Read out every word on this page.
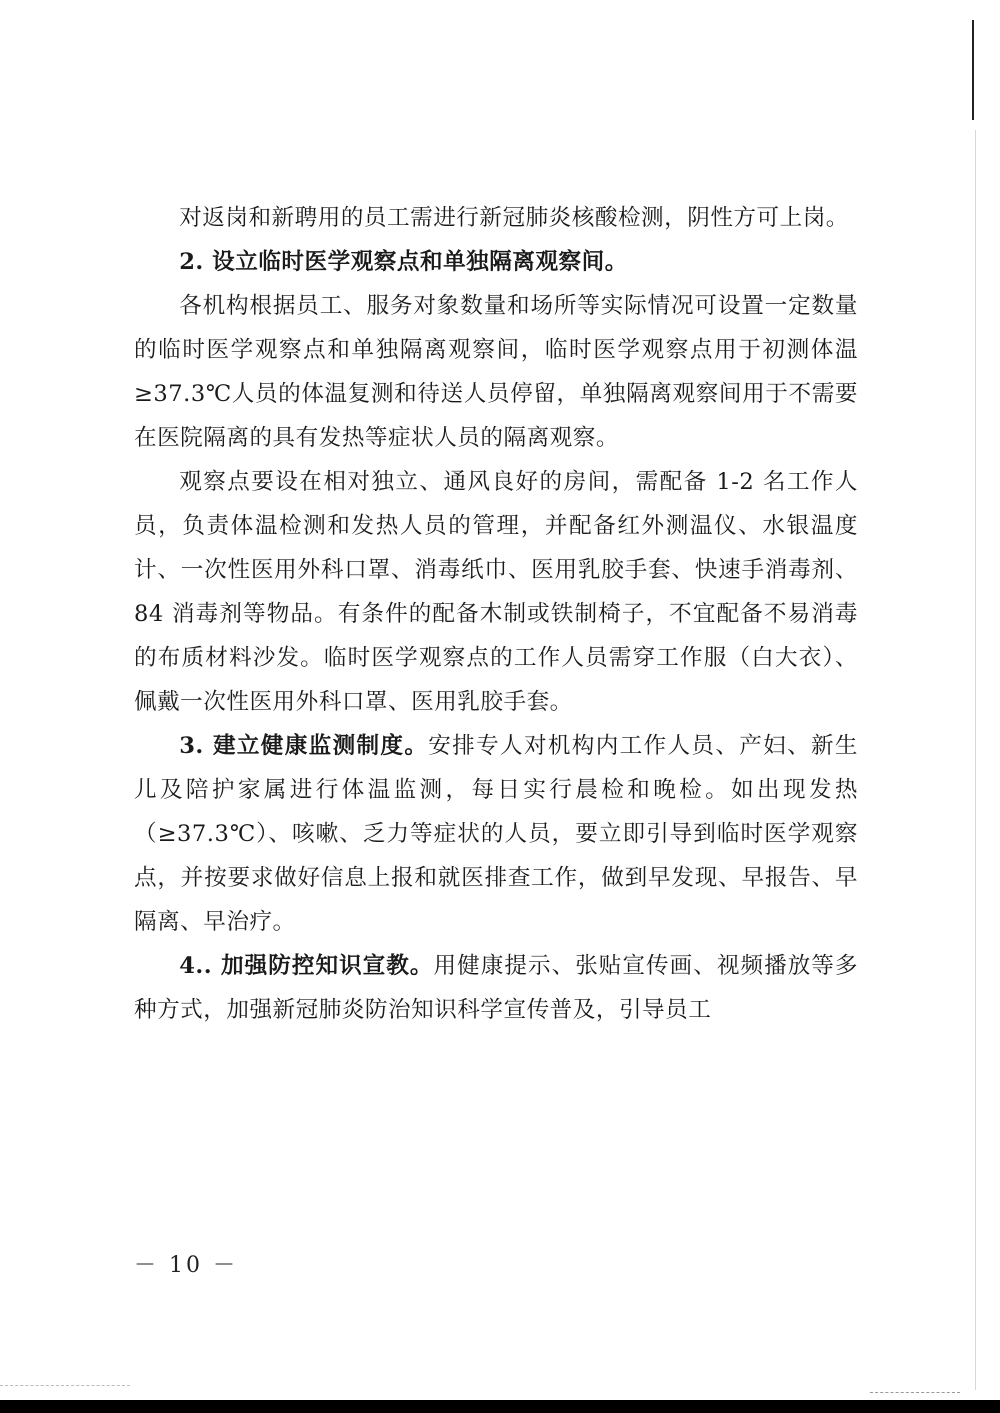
对返岗和新聘用的员工需进行新冠肺炎核酸检测，阴性方可上岗。

2. 设立临时医学观察点和单独隔离观察间。

各机构根据员工、服务对象数量和场所等实际情况可设置一定数量的临时医学观察点和单独隔离观察间，临时医学观察点用于初测体温≥37.3℃人员的体温复测和待送人员停留，单独隔离观察间用于不需要在医院隔离的具有发热等症状人员的隔离观察。

观察点要设在相对独立、通风良好的房间，需配备 1-2 名工作人员，负责体温检测和发热人员的管理，并配备红外测温仪、水银温度计、一次性医用外科口罩、消毒纸巾、医用乳胶手套、快速手消毒剂、84 消毒剂等物品。有条件的配备木制或铁制椅子，不宜配备不易消毒的布质材料沙发。临时医学观察点的工作人员需穿工作服（白大衣）、佩戴一次性医用外科口罩、医用乳胶手套。

3. 建立健康监测制度。安排专人对机构内工作人员、产妇、新生儿及陪护家属进行体温监测，每日实行晨检和晚检。如出现发热（≥37.3℃）、咳嗽、乏力等症状的人员，要立即引导到临时医学观察点，并按要求做好信息上报和就医排查工作，做到早发现、早报告、早隔离、早治疗。

4.. 加强防控知识宣教。用健康提示、张贴宣传画、视频播放等多种方式，加强新冠肺炎防治知识科学宣传普及，引导员工

－ 10 －
